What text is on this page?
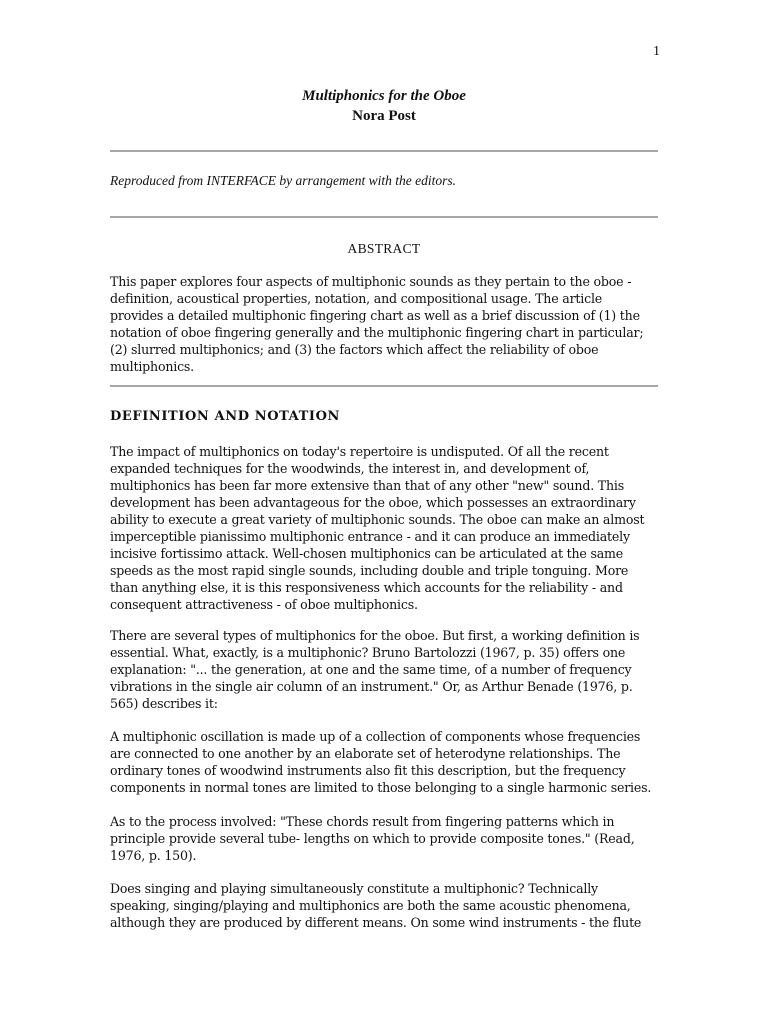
1
Multiphonics for the Oboe
Nora Post
Reproduced from INTERFACE by arrangement with the editors.
ABSTRACT

This paper explores four aspects of multiphonic sounds as they pertain to the oboe - definition, acoustical properties, notation, and compositional usage. The article provides a detailed multiphonic fingering chart as well as a brief discussion of (1) the notation of oboe fingering generally and the multiphonic fingering chart in particular; (2) slurred multiphonics; and (3) the factors which affect the reliability of oboe multiphonics.

DEFINITION AND NOTATION

The impact of multiphonics on today's repertoire is undisputed. Of all the recent expanded techniques for the woodwinds, the interest in, and development of, multiphonics has been far more extensive than that of any other "new" sound. This development has been advantageous for the oboe, which possesses an extraordinary ability to execute a great variety of multiphonic sounds. The oboe can make an almost imperceptible pianissimo multiphonic entrance - and it can produce an immediately incisive fortissimo attack. Well-chosen multiphonics can be articulated at the same speeds as the most rapid single sounds, including double and triple tonguing. More than anything else, it is this responsiveness which accounts for the reliability - and consequent attractiveness - of oboe multiphonics.

There are several types of multiphonics for the oboe. But first, a working definition is essential. What, exactly, is a multiphonic? Bruno Bartolozzi (1967, p. 35) offers one explanation: "... the generation, at one and the same time, of a number of frequency vibrations in the single air column of an instrument." Or, as Arthur Benade (1976, p. 565) describes it:

A multiphonic oscillation is made up of a collection of components whose frequencies are connected to one another by an elaborate set of heterodyne relationships. The ordinary tones of woodwind instruments also fit this description, but the frequency components in normal tones are limited to those belonging to a single harmonic series.

As to the process involved: "These chords result from fingering patterns which in principle provide several tube- lengths on which to provide composite tones." (Read, 1976, p. 150).

Does singing and playing simultaneously constitute a multiphonic? Technically speaking, singing/playing and multiphonics are both the same acoustic phenomena, although they are produced by different means. On some wind instruments - the flute
